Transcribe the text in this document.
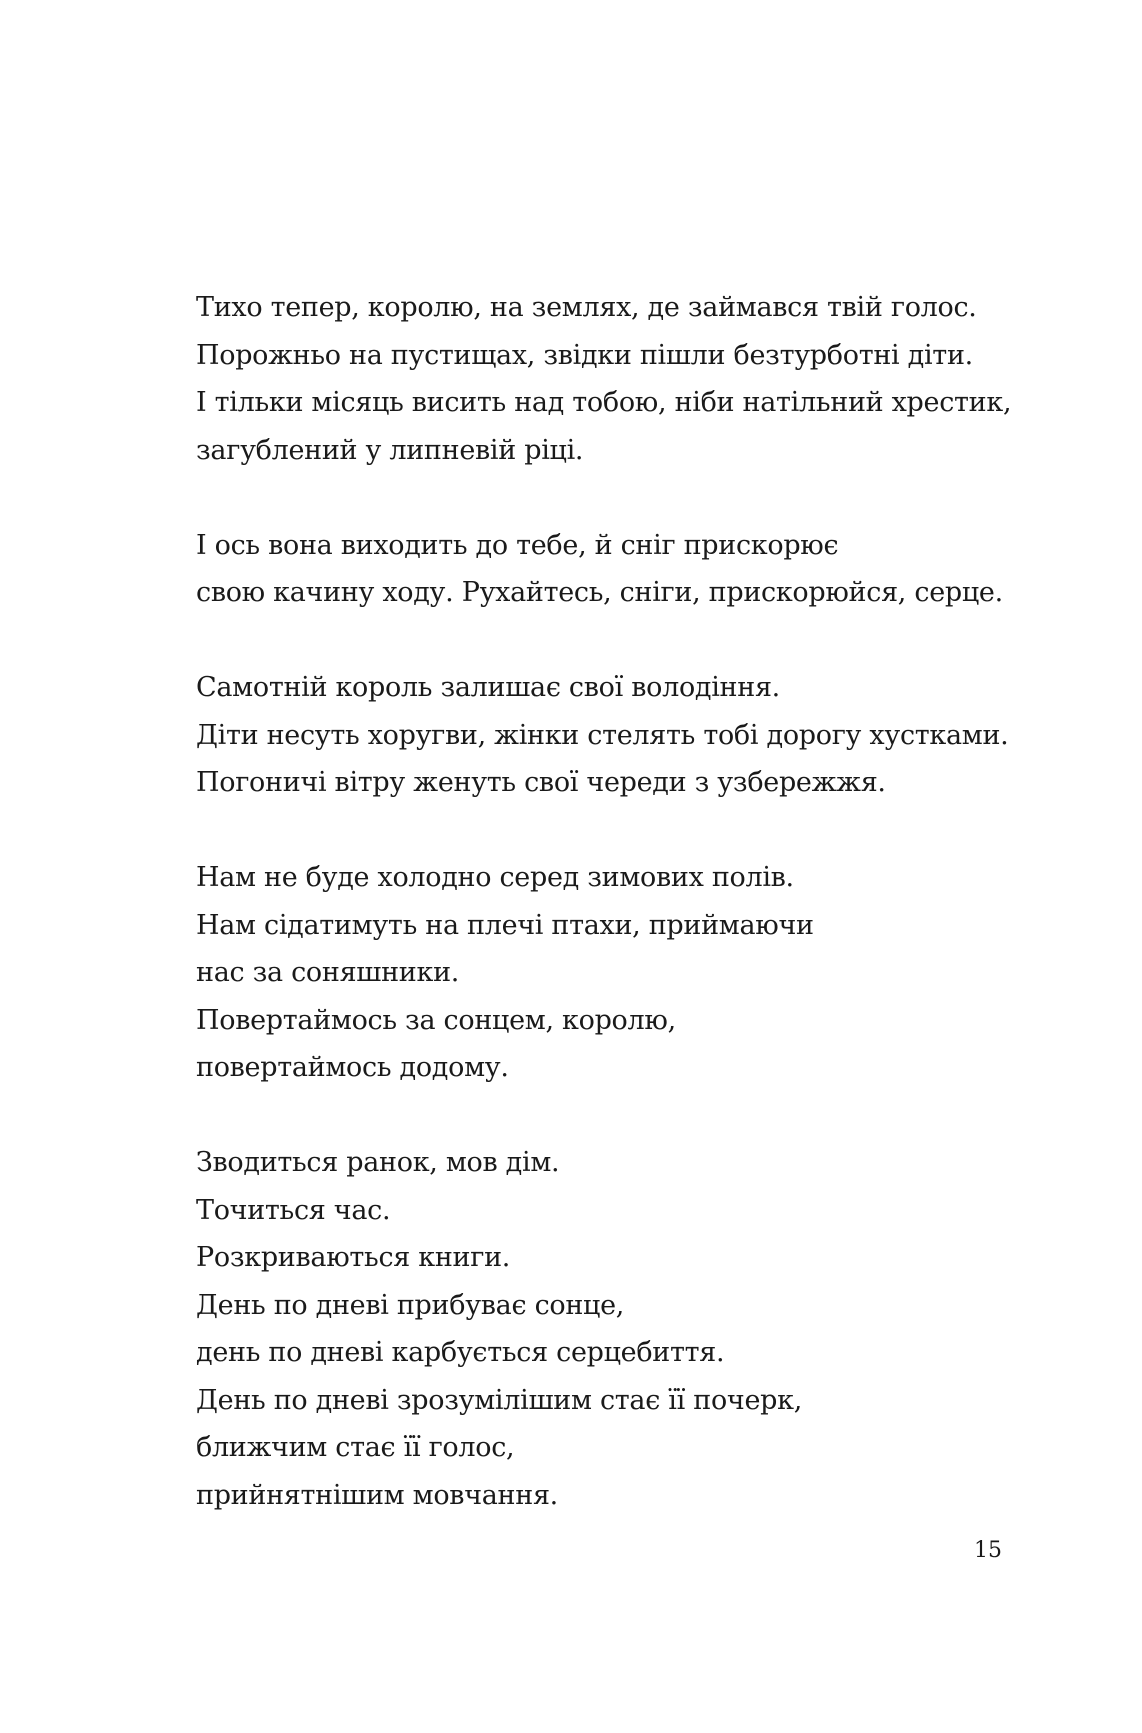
Тихо тепер, королю, на землях, де займався твій голос.
Порожньо на пустищах, звідки пішли безтурботні діти.
І тільки місяць висить над тобою, ніби натільний хрестик,
загублений у липневій ріці.
І ось вона виходить до тебе, й сніг прискорює
свою качину ходу. Рухайтесь, сніги, прискорюйся, серце.
Самотній король залишає свої володіння.
Діти несуть хоругви, жінки стелять тобі дорогу хустками.
Погоничі вітру женуть свої череди з узбережжя.
Нам не буде холодно серед зимових полів.
Нам сідатимуть на плечі птахи, приймаючи
нас за соняшники.
Повертаймось за сонцем, королю,
повертаймось додому.
Зводиться ранок, мов дім.
Точиться час.
Розкриваються книги.
День по дневі прибуває сонце,
день по дневі карбується серцебиття.
День по дневі зрозумілішим стає її почерк,
ближчим стає її голос,
прийнятнішим мовчання.
15
